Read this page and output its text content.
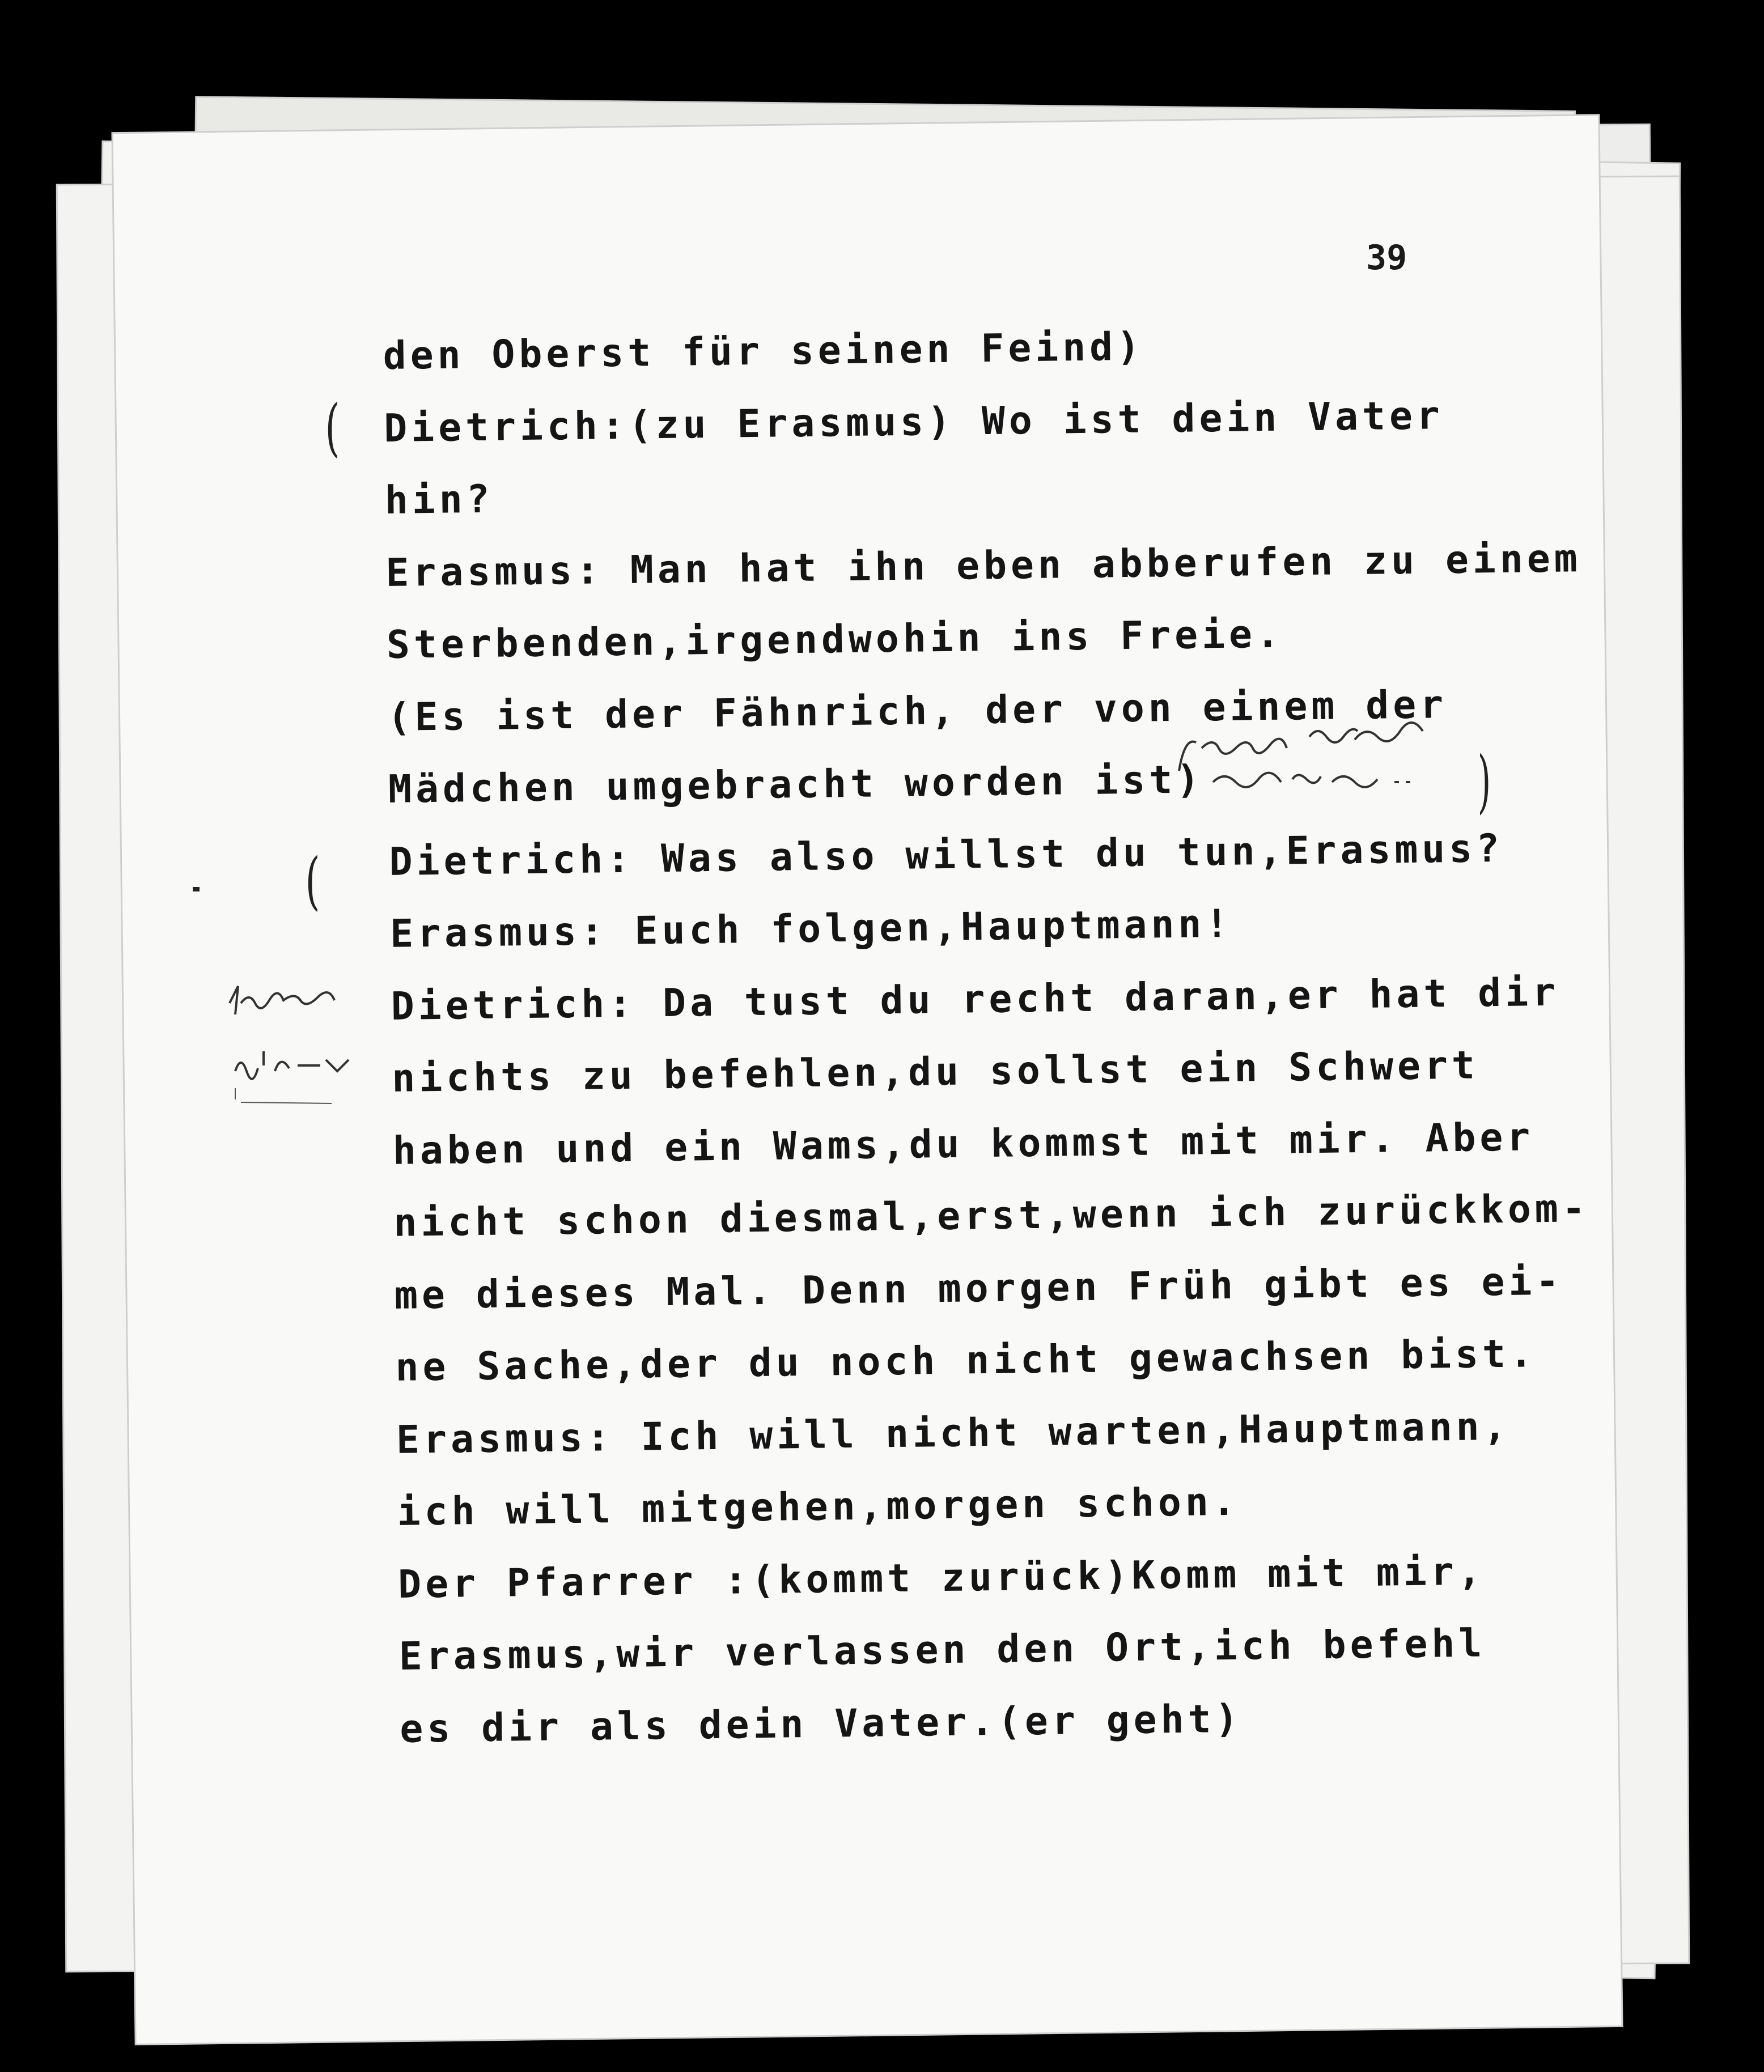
39
den Oberst für seinen Feind)
Dietrich:(zu Erasmus) Wo ist dein Vater
hin?
Erasmus: Man hat ihn eben abberufen zu einem
Sterbenden,irgendwohin ins Freie.
(Es ist der Fähnrich, der von einem der
Mädchen umgebracht worden ist)
Dietrich: Was also willst du tun,Erasmus?
Erasmus: Euch folgen,Hauptmann!
Dietrich: Da tust du recht daran,er hat dir
nichts zu befehlen,du sollst ein Schwert
haben und ein Wams,du kommst mit mir. Aber
nicht schon diesmal,erst,wenn ich zurückkom-
me dieses Mal. Denn morgen Früh gibt es ei-
ne Sache,der du noch nicht gewachsen bist.
Erasmus: Ich will nicht warten,Hauptmann,
ich will mitgehen,morgen schon.
Der Pfarrer :(kommt zurück)Komm mit mir,
Erasmus,wir verlassen den Ort,ich befehl
es dir als dein Vater.(er geht)
(
(
)
